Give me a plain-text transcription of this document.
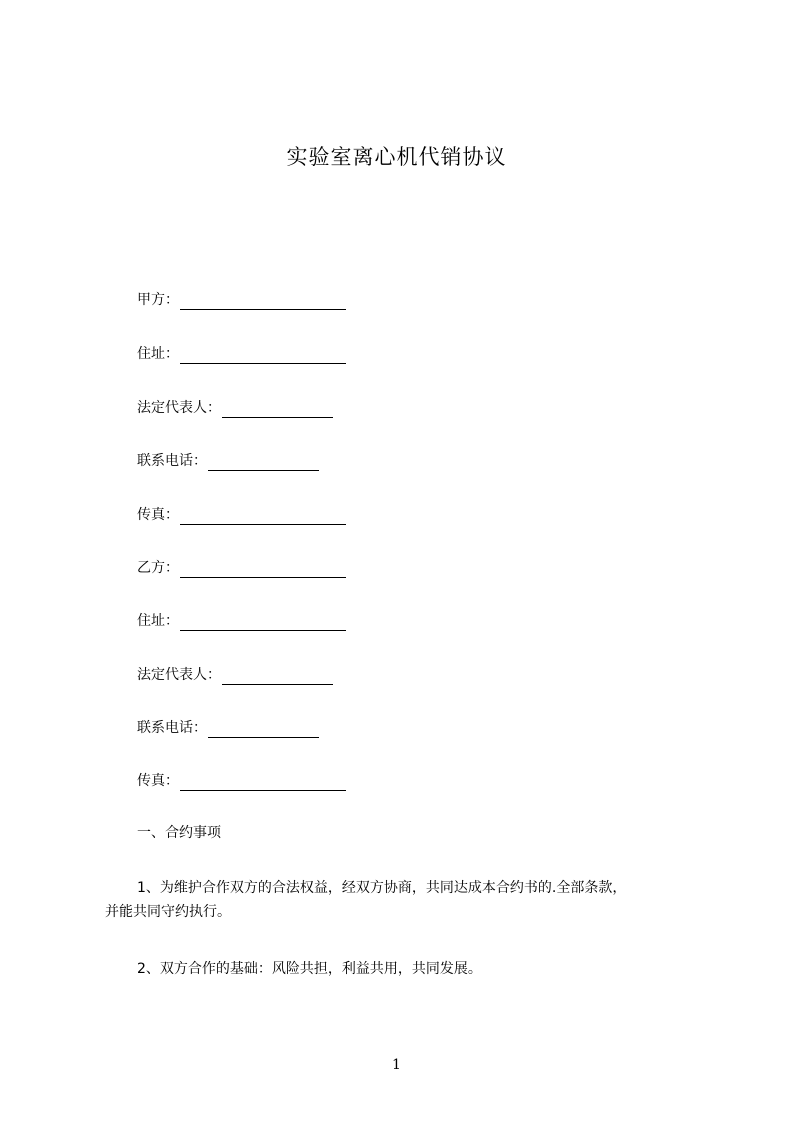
实验室离心机代销协议
甲方：
住址：
法定代表人：
联系电话：
传真：
乙方：
住址：
法定代表人：
联系电话：
传真：
一、合约事项
1、为维护合作双方的合法权益，经双方协商，共同达成本合约书的.全部条款，
并能共同守约执行。
2、双方合作的基础：风险共担，利益共用，共同发展。
1
